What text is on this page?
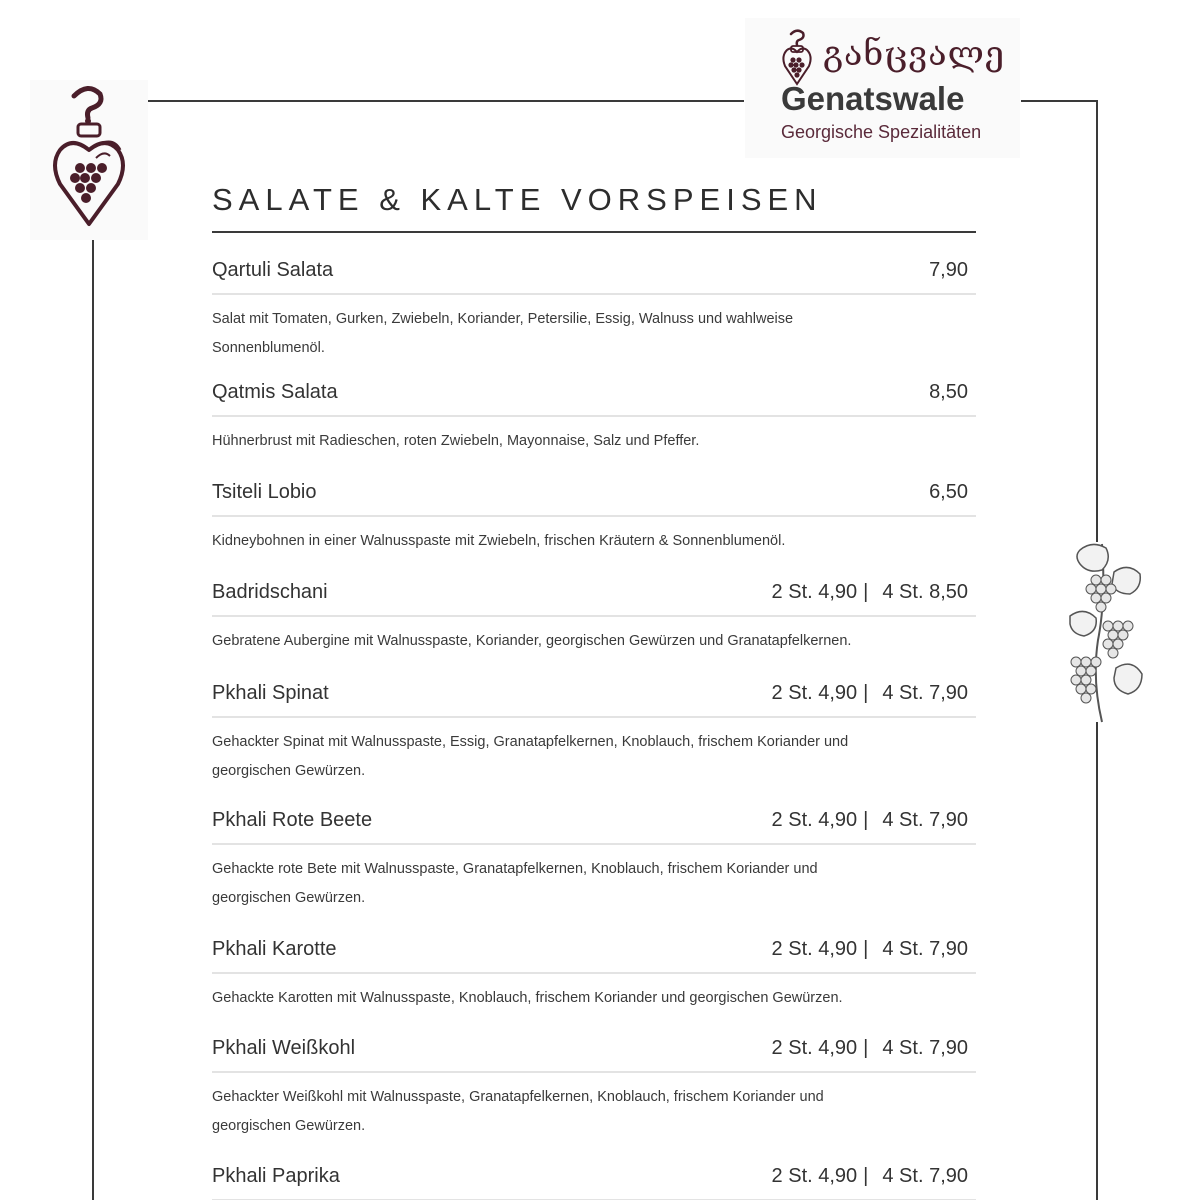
განცვალე
Genatswale
Georgische Spezialitäten
SALATE & KALTE VORSPEISEN
Qartuli Salata	7,90
Salat mit Tomaten, Gurken, Zwiebeln, Koriander, Petersilie, Essig, Walnuss und wahlweise Sonnenblumenöl.
Qatmis Salata	8,50
Hühnerbrust mit Radieschen, roten Zwiebeln, Mayonnaise, Salz und Pfeffer.
Tsiteli Lobio	6,50
Kidneybohnen in einer Walnusspaste mit Zwiebeln, frischen Kräutern & Sonnenblumenöl.
Badridschani	2 St. 4,90 | 4 St. 8,50
Gebratene Aubergine mit Walnusspaste, Koriander, georgischen Gewürzen und Granatapfelkernen.
Pkhali Spinat	2 St. 4,90 | 4 St. 7,90
Gehackter Spinat mit Walnusspaste, Essig, Granatapfelkernen, Knoblauch, frischem Koriander und georgischen Gewürzen.
Pkhali Rote Beete	2 St. 4,90 | 4 St. 7,90
Gehackte rote Bete mit Walnusspaste, Granatapfelkernen, Knoblauch, frischem Koriander und georgischen Gewürzen.
Pkhali Karotte	2 St. 4,90 | 4 St. 7,90
Gehackte Karotten mit Walnusspaste, Knoblauch, frischem Koriander und georgischen Gewürzen.
Pkhali Weißkohl	2 St. 4,90 | 4 St. 7,90
Gehackter Weißkohl mit Walnusspaste, Granatapfelkernen, Knoblauch, frischem Koriander und georgischen Gewürzen.
Pkhali Paprika	2 St. 4,90 | 4 St. 7,90
